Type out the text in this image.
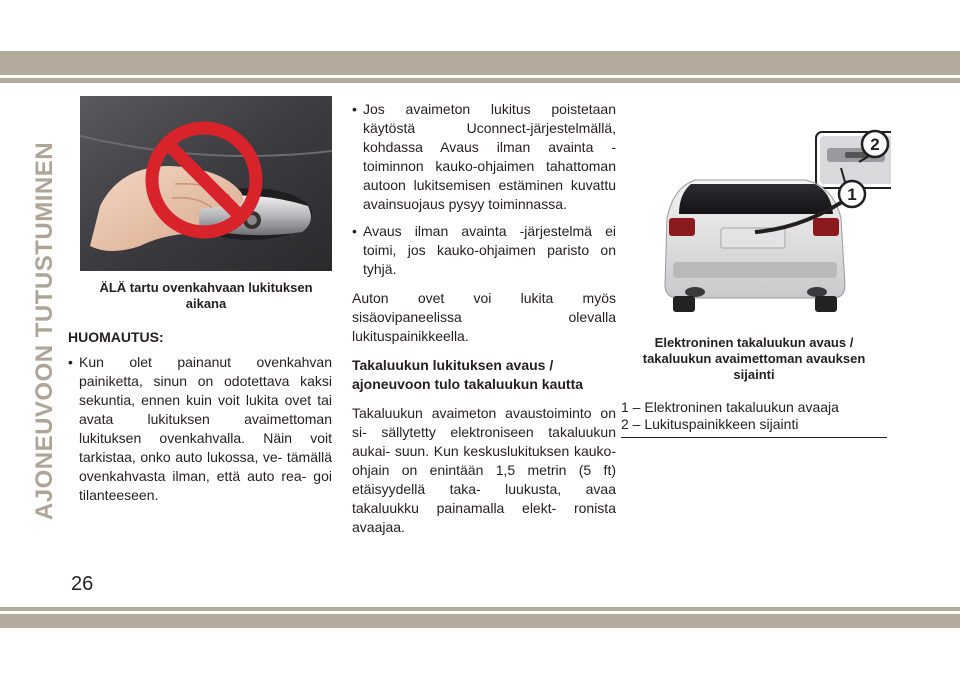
AJONEUVOON TUTUSTUMINEN	ÄLÄ tartu ovenkahvaan lukituksen aikana
HUOMAUTUS:

• Kun olet painanut ovenkahvan painiketta, sinun on odotettava kaksi sekuntia, ennen kuin voit lukita ovet tai avata lukituksen avaimettoman lukituksen ovenkahvalla. Näin voit tarkistaa, onko auto lukossa, ve- tämällä ovenkahvasta ilman, että auto rea- goi tilanteeseen.

• Jos avaimeton lukitus poistetaan käytöstä Uconnect-järjestelmällä, kohdassa Avaus ilman avainta -toiminnon kauko-ohjaimen tahattoman autoon lukitsemisen estäminen kuvattu avainsuojaus pysyy toiminnassa.

• Avaus ilman avainta -järjestelmä ei toimi, jos kauko-ohjaimen paristo on tyhjä.

Auton ovet voi lukita myös sisäovipaneelissa olevalla lukituspainikkeella.

Takaluukun lukituksen avaus / ajoneuvoon tulo takaluukun kautta

Takaluukun avaimeton avaustoiminto on si- sällytetty elektroniseen takaluukun aukai- suun. Kun keskuslukituksen kauko-ohjain on enintään 1,5 metrin (5 ft) etäisyydellä taka- luukusta, avaa takaluukku painamalla elekt- ronista avaajaa.

2
1
Elektroninen takaluukun avaus / takaluukun avaimettoman avauksen sijainti
1 – Elektroninen takaluukun avaaja
2 – Lukituspainikkeen sijainti
26
